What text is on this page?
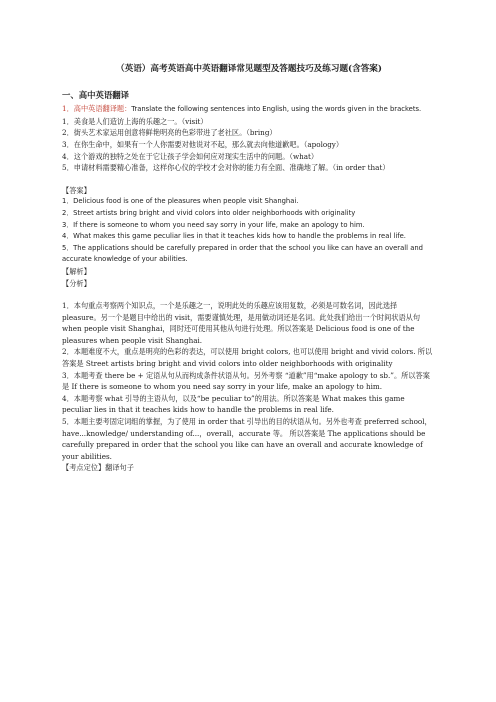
（英语）高考英语高中英语翻译常见题型及答题技巧及练习题(含答案)
一、高中英语翻译

1．高中英语翻译题：Translate the following sentences into English, using the words given in the brackets.

1．美食是人们造访上海的乐趣之一。（visit）

2．街头艺术家运用创意将鲜艳明亮的色彩带进了老社区。（bring）

3．在你生命中，如果有一个人你需要对他说对不起，那么就去向他道歉吧。（apology）

4．这个游戏的独特之处在于它让孩子学会如何应对现实生活中的问题。（what）

5．申请材料需要精心准备，这样你心仪的学校才会对你的能力有全面、准确地了解。（in order that）

【答案】

1．Delicious food is one of the pleasures when people visit Shanghai.

2．Street artists bring bright and vivid colors into older neighborhoods with originality

3．If there is someone to whom you need say sorry in your life, make an apology to him.

4．What makes this game peculiar lies in that it teaches kids how to handle the problems in real life.

5．The applications should be carefully prepared in order that the school you like can have an overall and accurate knowledge of your abilities.

【解析】

【分析】

1．本句重点考察两个知识点，一个是乐趣之一，说明此处的乐趣应该用复数，必须是可数名词，因此选择 pleasure。另一个是题目中给出的 visit，需要谨慎处理，是用做动词还是名词。此处我们给出一个时间状语从句 when people visit Shanghai，同时还可使用其他从句进行处理。所以答案是 Delicious food is one of the pleasures when people visit Shanghai.

2．本题难度不大，重点是明亮的色彩的表达，可以使用 bright colors, 也可以使用 bright and vivid colors. 所以答案是 Street artists bring bright and vivid colors into older neighborhoods with originality

3．本题考查 there be + 定语从句从而构成条件状语从句。另外考察 “道歉”用“make apology to sb.”。所以答案是 If there is someone to whom you need say sorry in your life, make an apology to him.

4．本题考察 what 引导的主语从句，以及“be peculiar to”的用法。所以答案是 What makes this game peculiar lies in that it teaches kids how to handle the problems in real life.

5．本题主要考固定词组的掌握，为了使用 in order that 引导出的目的状语从句。另外也考查 preferred school，have...knowledge/ understanding of...，overall，accurate 等。 所以答案是 The applications should be carefully prepared in order that the school you like can have an overall and accurate knowledge of your abilities.

【考点定位】翻译句子
